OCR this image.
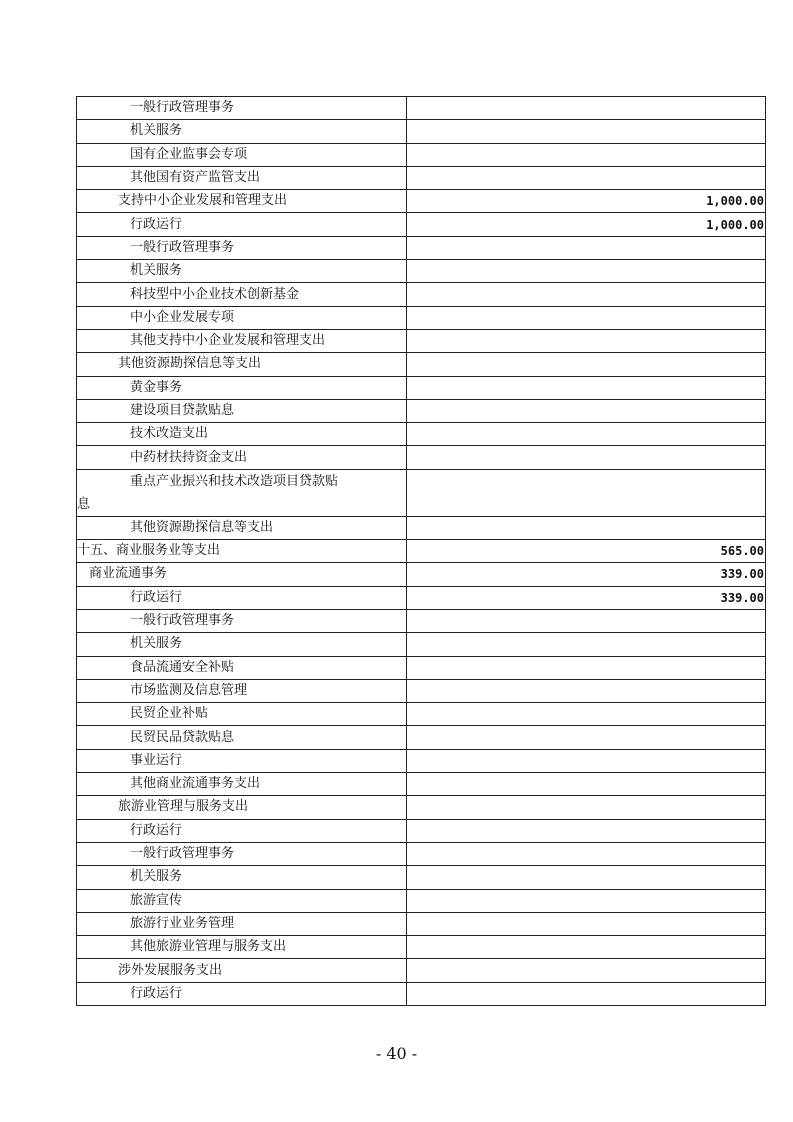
一般行政管理事务	
机关服务	
国有企业监事会专项	
其他国有资产监管支出	
支持中小企业发展和管理支出	1,000.00
行政运行	1,000.00
一般行政管理事务	
机关服务	
科技型中小企业技术创新基金	
中小企业发展专项	
其他支持中小企业发展和管理支出	
其他资源勘探信息等支出	
黄金事务	
建设项目贷款贴息	
技术改造支出	
中药材扶持资金支出	

重点产业振兴和技术改造项目贷款贴
息	

其他资源勘探信息等支出	
十五、商业服务业等支出	565.00
商业流通事务	339.00
行政运行	339.00
一般行政管理事务	
机关服务	
食品流通安全补贴	
市场监测及信息管理	
民贸企业补贴	
民贸民品贷款贴息	
事业运行	
其他商业流通事务支出	
旅游业管理与服务支出	
行政运行	
一般行政管理事务	
机关服务	
旅游宣传	
旅游行业业务管理	
其他旅游业管理与服务支出	
涉外发展服务支出	
行政运行	
- 40 -
